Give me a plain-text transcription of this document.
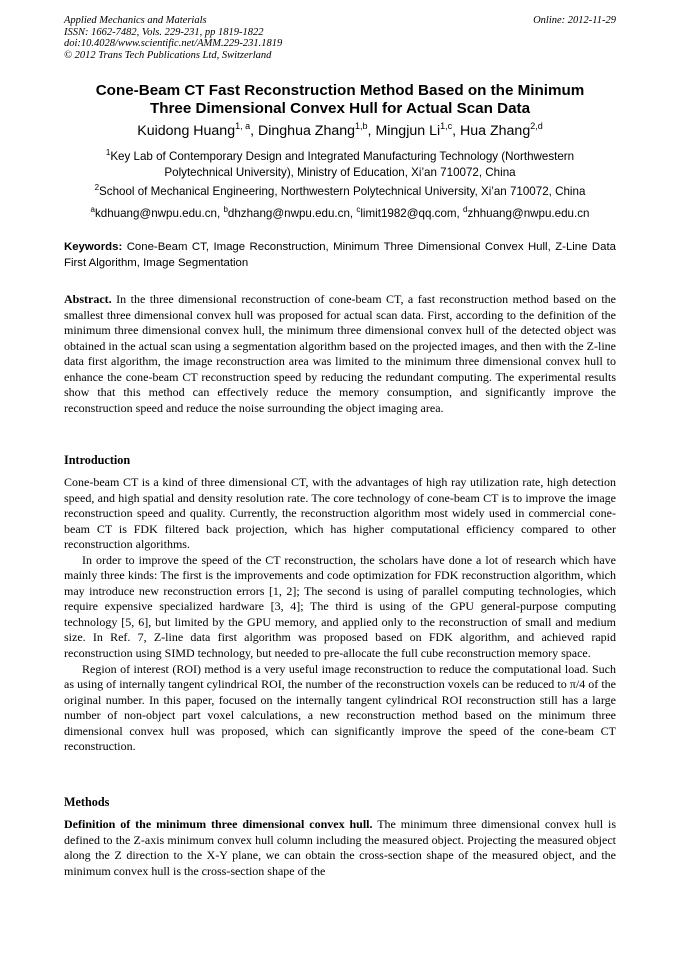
Applied Mechanics and Materials
ISSN: 1662-7482, Vols. 229-231, pp 1819-1822
doi:10.4028/www.scientific.net/AMM.229-231.1819
© 2012 Trans Tech Publications Ltd, Switzerland
Online: 2012-11-29
Cone-Beam CT Fast Reconstruction Method Based on the Minimum
Three Dimensional Convex Hull for Actual Scan Data
Kuidong Huang$^{1, a}$, Dinghua Zhang$^{1,b}$, Mingjun Li$^{1,c}$, Hua Zhang$^{2,d}$
$^1$Key Lab of Contemporary Design and Integrated Manufacturing Technology (Northwestern
Polytechnical University), Ministry of Education, Xi’an 710072, China
$^2$School of Mechanical Engineering, Northwestern Polytechnical University, Xi’an 710072, China
$^a$kdhuang@nwpu.edu.cn, $^b$dhzhang@nwpu.edu.cn, $^c$limit1982@qq.com, $^d$zhhuang@nwpu.edu.cn
Keywords: Cone-Beam CT, Image Reconstruction, Minimum Three Dimensional Convex Hull, Z-Line Data First Algorithm, Image Segmentation
Abstract. In the three dimensional reconstruction of cone-beam CT, a fast reconstruction method based on the smallest three dimensional convex hull was proposed for actual scan data. First, according to the definition of the minimum three dimensional convex hull, the minimum three dimensional convex hull of the detected object was obtained in the actual scan using a segmentation algorithm based on the projected images, and then with the Z-line data first algorithm, the image reconstruction area was limited to the minimum three dimensional convex hull to enhance the cone-beam CT reconstruction speed by reducing the redundant computing. The experimental results show that this method can effectively reduce the memory consumption, and significantly improve the reconstruction speed and reduce the noise surrounding the object imaging area.
Introduction

Cone-beam CT is a kind of three dimensional CT, with the advantages of high ray utilization rate, high detection speed, and high spatial and density resolution rate. The core technology of cone-beam CT is to improve the image reconstruction speed and quality. Currently, the reconstruction algorithm most widely used in commercial cone-beam CT is FDK filtered back projection, which has higher computational efficiency compared to other reconstruction algorithms.

In order to improve the speed of the CT reconstruction, the scholars have done a lot of research which have mainly three kinds: The first is the improvements and code optimization for FDK reconstruction algorithm, which may introduce new reconstruction errors [1, 2]; The second is using of parallel computing technologies, which require expensive specialized hardware [3, 4]; The third is using of the GPU general-purpose computing technology [5, 6], but limited by the GPU memory, and applied only to the reconstruction of small and medium size. In Ref. 7, Z-line data first algorithm was proposed based on FDK algorithm, and achieved rapid reconstruction using SIMD technology, but needed to pre-allocate the full cube reconstruction memory space.

Region of interest (ROI) method is a very useful image reconstruction to reduce the computational load. Such as using of internally tangent cylindrical ROI, the number of the reconstruction voxels can be reduced to π/4 of the original number. In this paper, focused on the internally tangent cylindrical ROI reconstruction still has a large number of non-object part voxel calculations, a new reconstruction method based on the minimum three dimensional convex hull was proposed, which can significantly improve the speed of the cone-beam CT reconstruction.

Methods

Definition of the minimum three dimensional convex hull. The minimum three dimensional convex hull is defined to the Z-axis minimum convex hull column including the measured object. Projecting the measured object along the Z direction to the X-Y plane, we can obtain the cross-section shape of the measured object, and the minimum convex hull is the cross-section shape of the
